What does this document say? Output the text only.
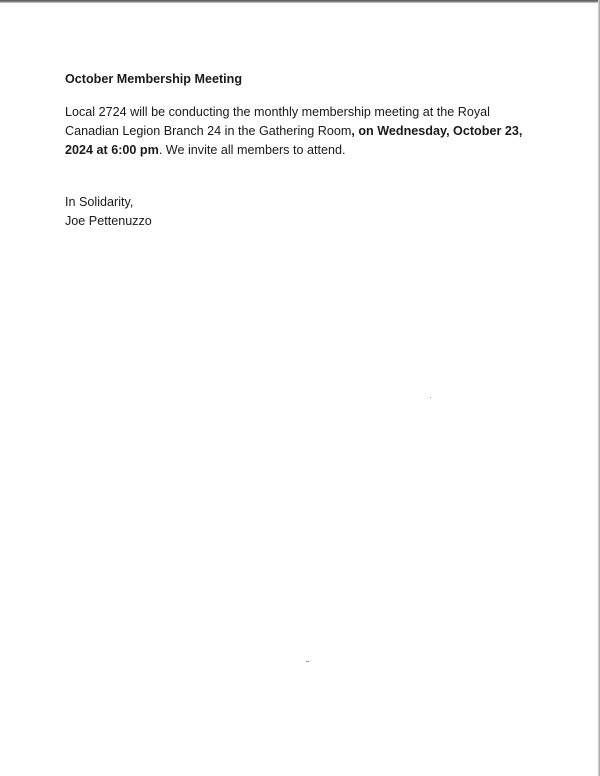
October Membership Meeting

Local 2724 will be conducting the monthly membership meeting at the Royal Canadian Legion Branch 24 in the Gathering Room, on Wednesday, October 23, 2024 at 6:00 pm. We invite all members to attend.

In Solidarity,

Joe Pettenuzzo
